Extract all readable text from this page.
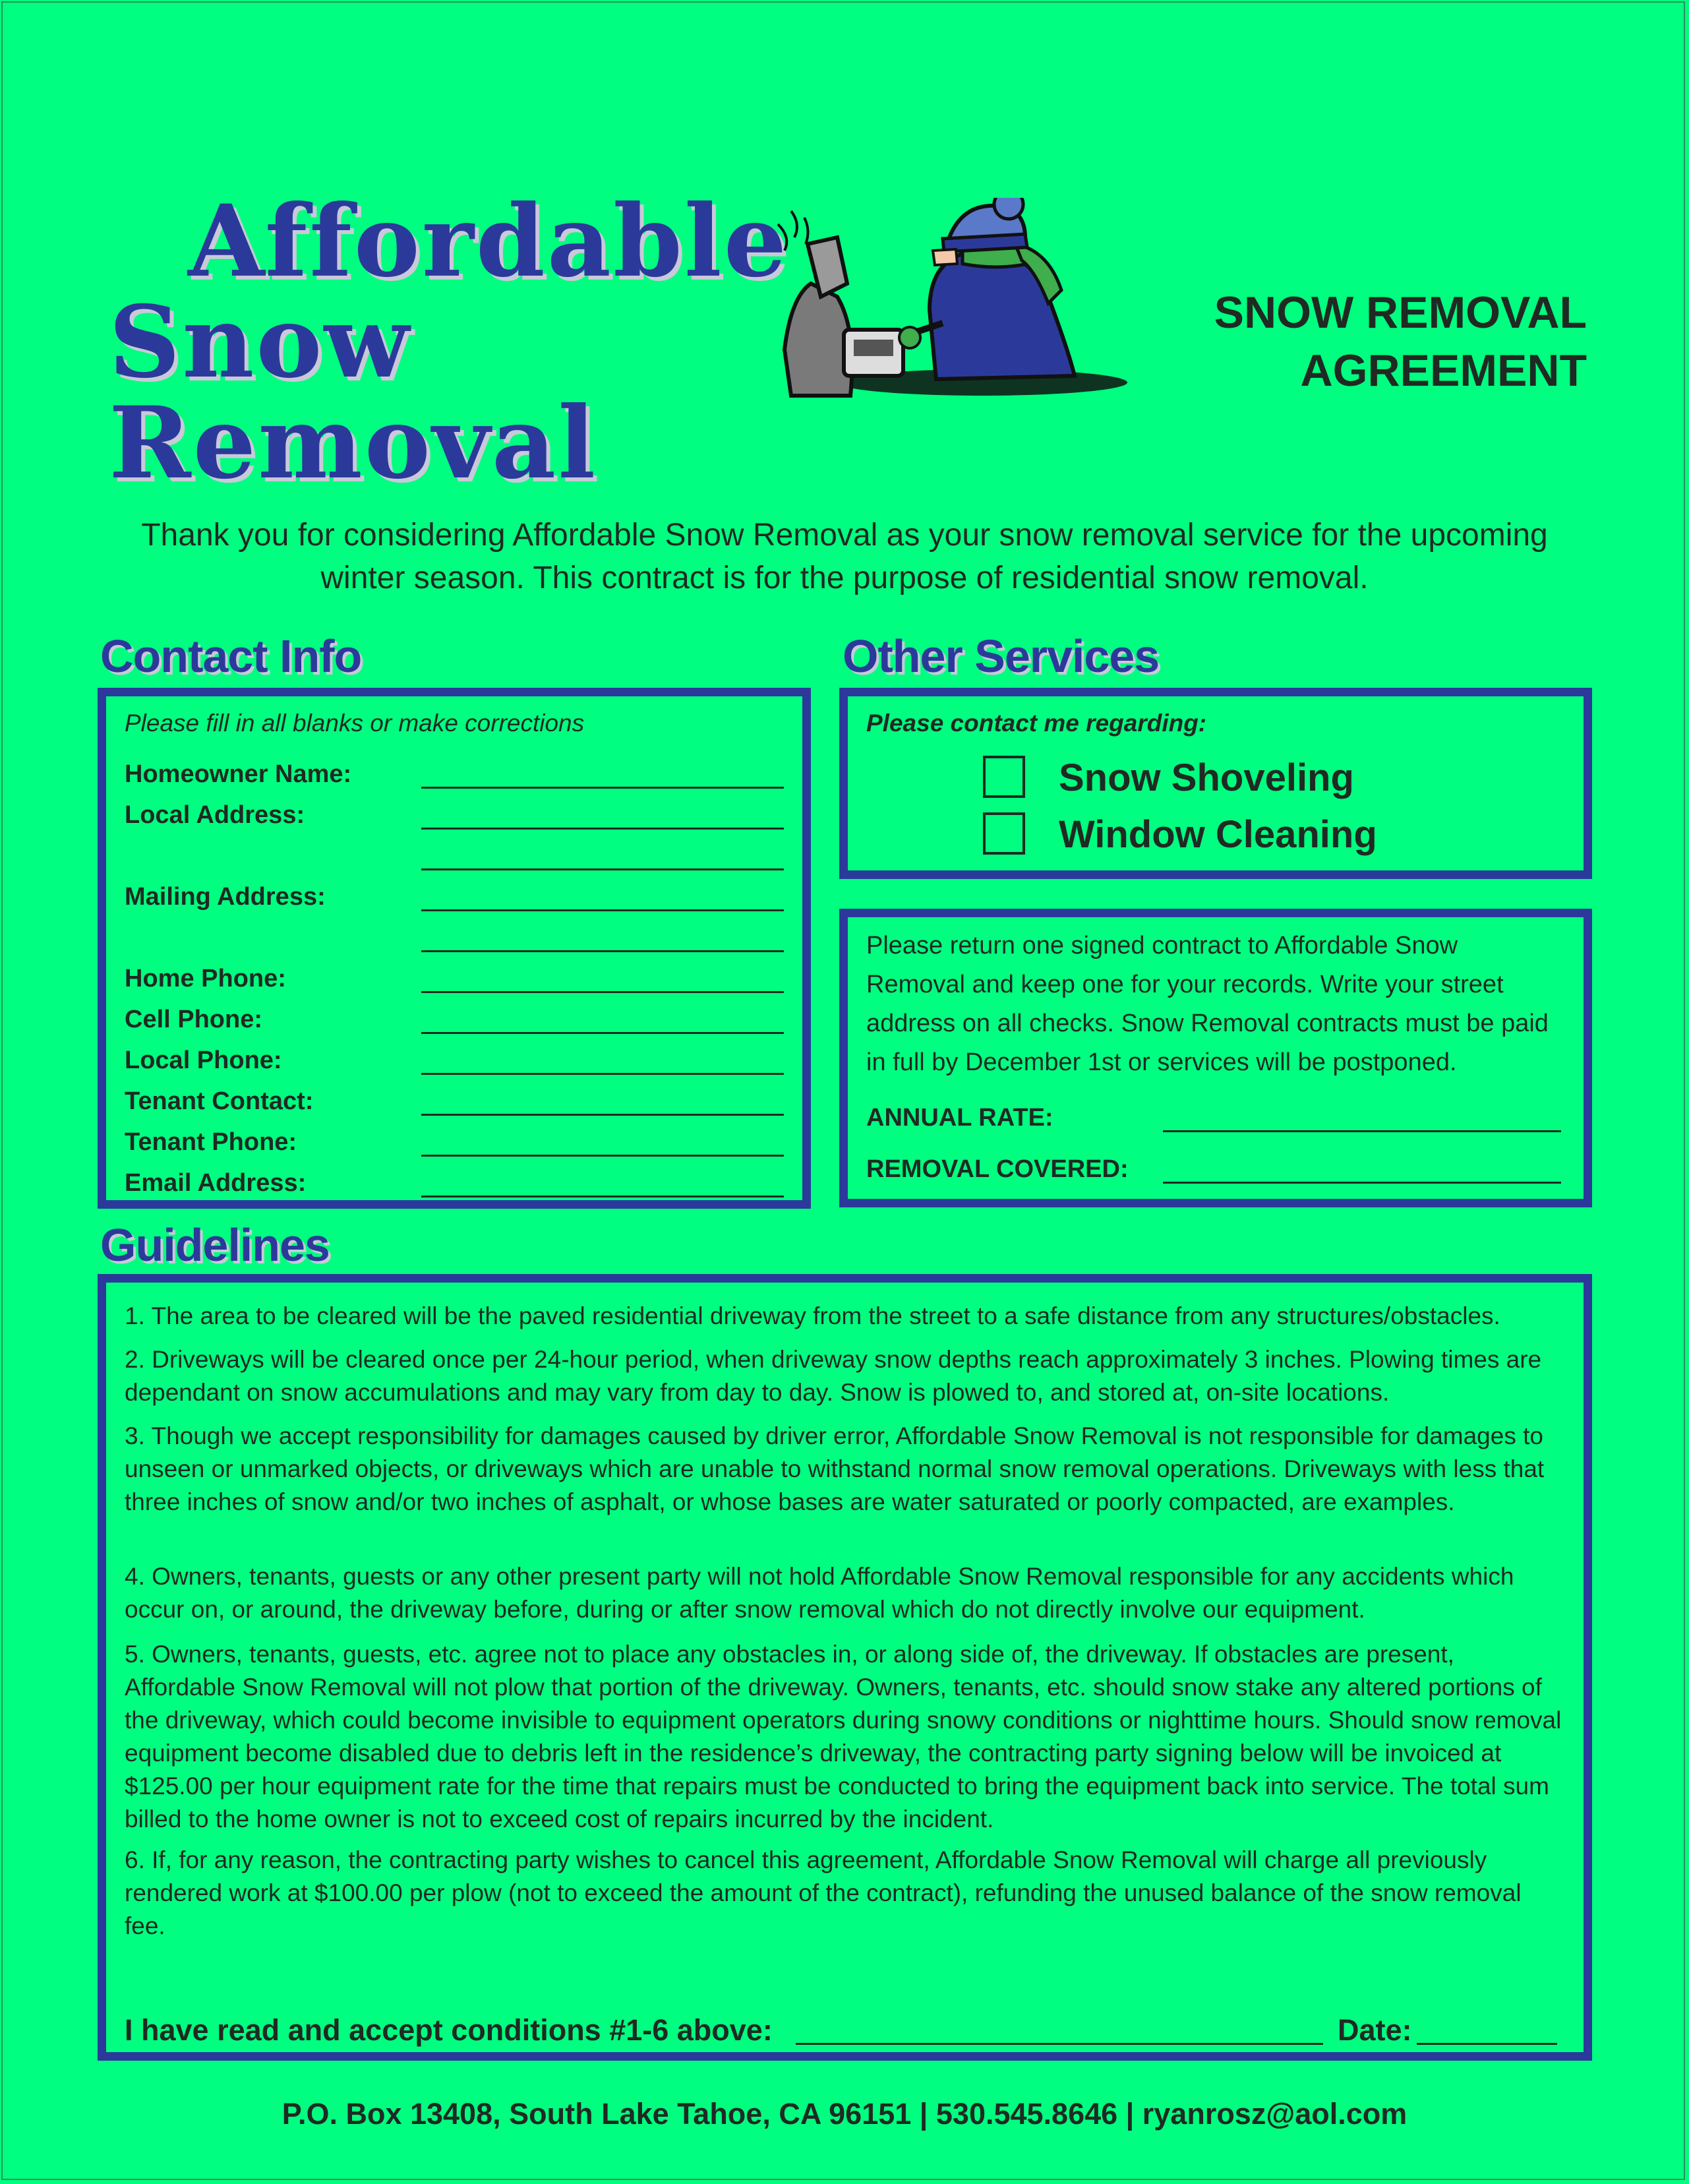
Affordable
Snow Removal
SNOW REMOVAL
AGREEMENT
Thank you for considering Affordable Snow Removal as your snow removal service for the upcoming winter season. This contract is for the purpose of residential snow removal.
Contact Info
Please fill in all blanks or make corrections
Homeowner Name:
Local Address:
Mailing Address:
Home Phone:
Cell Phone:
Local Phone:
Tenant Contact:
Tenant Phone:
Email Address:
Other Services
Please contact me regarding:
Snow Shoveling
Window Cleaning
Please return one signed contract to Affordable Snow Removal and keep one for your records. Write your street address on all checks. Snow Removal contracts must be paid in full by December 1st or services will be postponed.
ANNUAL RATE:
REMOVAL COVERED:
Guidelines

1. The area to be cleared will be the paved residential driveway from the street to a safe distance from any structures/obstacles.

2. Driveways will be cleared once per 24-hour period, when driveway snow depths reach approximately 3 inches. Plowing times are dependant on snow accumulations and may vary from day to day. Snow is plowed to, and stored at, on-site locations.

3. Though we accept responsibility for damages caused by driver error, Affordable Snow Removal is not responsible for damages to unseen or unmarked objects, or driveways which are unable to withstand normal snow removal operations. Driveways with less that three inches of snow and/or two inches of asphalt, or whose bases are water saturated or poorly compacted, are examples.

4. Owners, tenants, guests or any other present party will not hold Affordable Snow Removal responsible for any accidents which occur on, or around, the driveway before, during or after snow removal which do not directly involve our equipment.

5. Owners, tenants, guests, etc. agree not to place any obstacles in, or along side of, the driveway. If obstacles are present, Affordable Snow Removal will not plow that portion of the driveway. Owners, tenants, etc. should snow stake any altered portions of the driveway, which could become invisible to equipment operators during snowy conditions or nighttime hours. Should snow removal equipment become disabled due to debris left in the residence’s driveway, the contracting party signing below will be invoiced at $125.00 per hour equipment rate for the time that repairs must be conducted to bring the equipment back into service. The total sum billed to the home owner is not to exceed cost of repairs incurred by the incident.

6. If, for any reason, the contracting party wishes to cancel this agreement, Affordable Snow Removal will charge all previously rendered work at $100.00 per plow (not to exceed the amount of the contract), refunding the unused balance of the snow removal fee.

I have read and accept conditions #1-6 above:	Date:
P.O. Box 13408, South Lake Tahoe, CA 96151 | 530.545.8646 | ryanrosz@aol.com
